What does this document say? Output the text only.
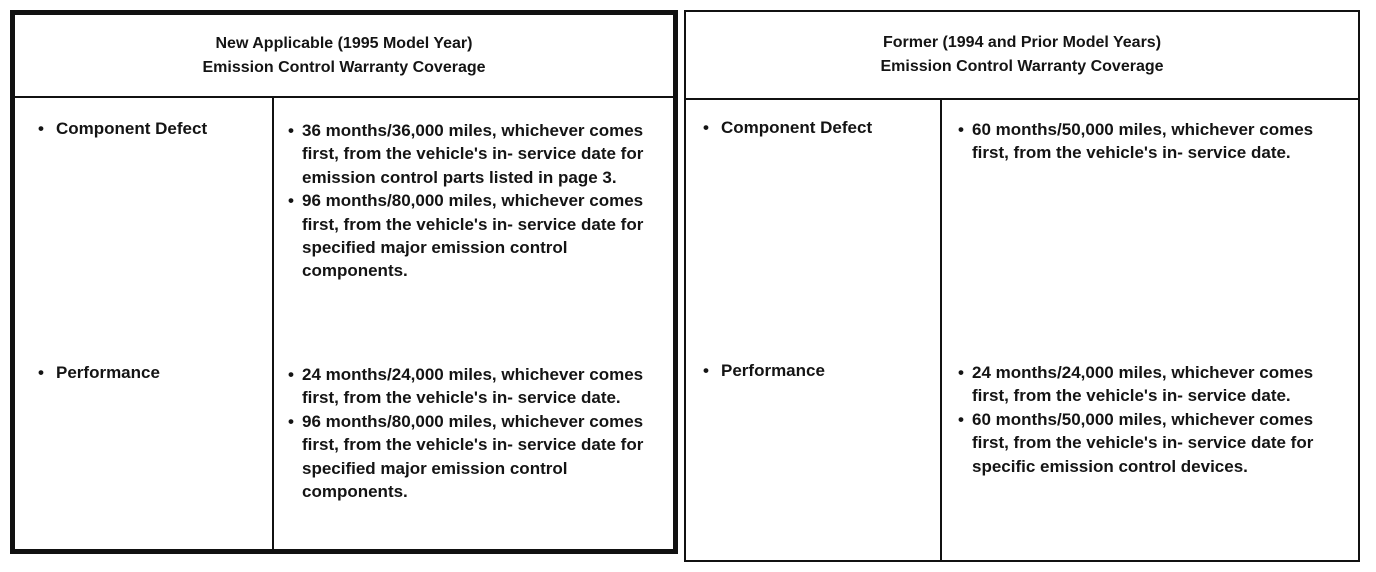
New Applicable (1995 Model Year)
Emission Control Warranty Coverage
• Component Defect	• 36 months/36,000 miles, whichever comes first, from the vehicle's in- service date for emission control parts listed in page 3.
• 96 months/80,000 miles, whichever comes first, from the vehicle's in- service date for specified major emission control components.
• Performance	• 24 months/24,000 miles, whichever comes first, from the vehicle's in- service date.
• 96 months/80,000 miles, whichever comes first, from the vehicle's in- service date for specified major emission control components.
Former (1994 and Prior Model Years)
Emission Control Warranty Coverage
• Component Defect	• 60 months/50,000 miles, whichever comes first, from the vehicle's in- service date.
• Performance	• 24 months/24,000 miles, whichever comes first, from the vehicle's in- service date.
• 60 months/50,000 miles, whichever comes first, from the vehicle's in- service date for specific emission control devices.
